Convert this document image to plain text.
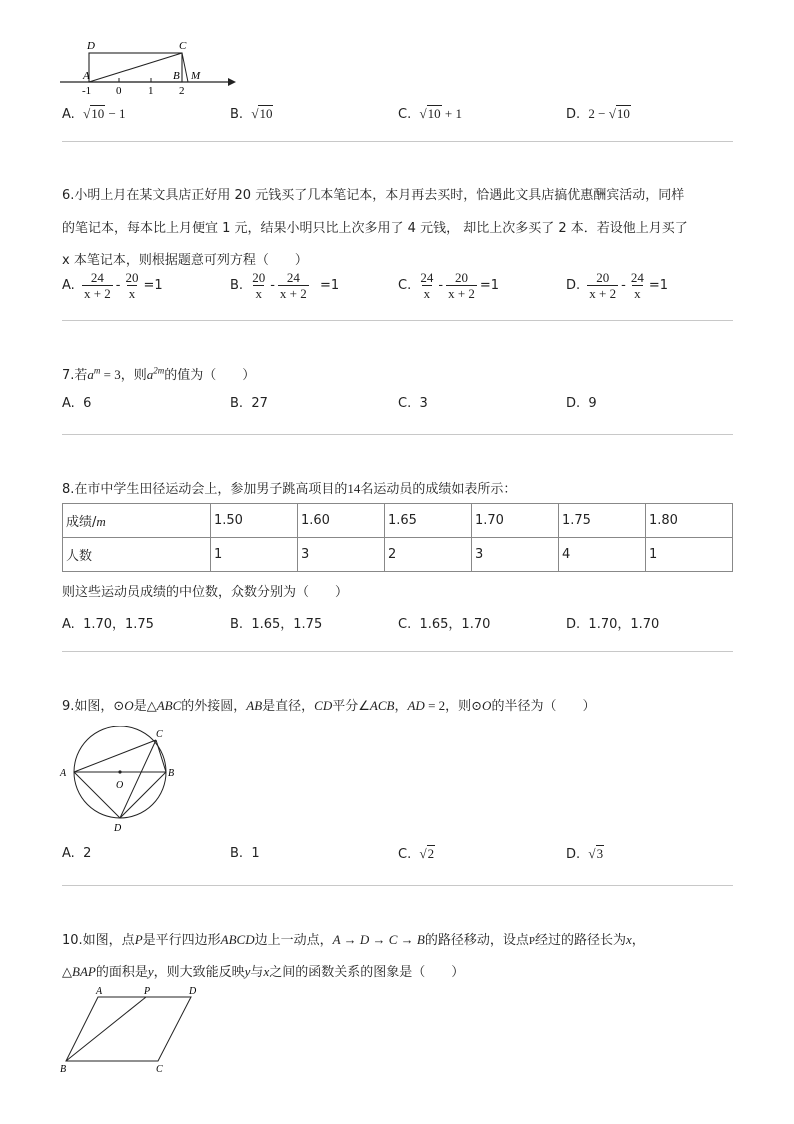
D	C
A	B M
-1 0 1 2
A. √10 − 1	B. √10	C. √10 + 1	D. 2 − √10
6.小明上月在某文具店正好用 20 元钱买了几本笔记本，本月再去买时，恰遇此文具店搞优惠酬宾活动，同样
的笔记本，每本比上月便宜 1 元，结果小明只比上次多用了 4 元钱， 却比上次多买了 2 本．若设他上月买了
x 本笔记本，则根据题意可列方程（　　）
A. $\frac{24}{x + 2} - \frac{20}{x} =1$	B. $\frac{20}{x} - \frac{24}{x + 2} =1$	C. $\frac{24}{x} - \frac{20}{x + 2} =1$	D. $\frac{20}{x + 2} - \frac{24}{x} =1$
7.若$a^m = 3$，则$a^{2m}$的值为（　　）
A. 6	B. 27	C. 3	D. 9
8.在市中学生田径运动会上，参加男子跳高项目的14名运动员的成绩如表所示：
成绩/m	1.50	1.60	1.65	1.70	1.75	1.80
人数	1	3	2	3	4	1
则这些运动员成绩的中位数，众数分别为（　　）
A. 1.70，1.75	B. 1.65，1.75	C. 1.65，1.70	D. 1.70，1.70
9.如图，⊙O是△ABC的外接圆，AB是直径，CD平分∠ACB，AD = 2，则⊙O的半径为（　　）
A	B
C
D
O
A. 2	B. 1	C. √2	D. √3
10.如图，点P是平行四边形ABCD边上一动点，A → D → C → B的路径移动，设点P经过的路径长为x，
△BAP的面积是y，则大致能反映y与x之间的函数关系的图象是（　　）
A	P	D
B	C
